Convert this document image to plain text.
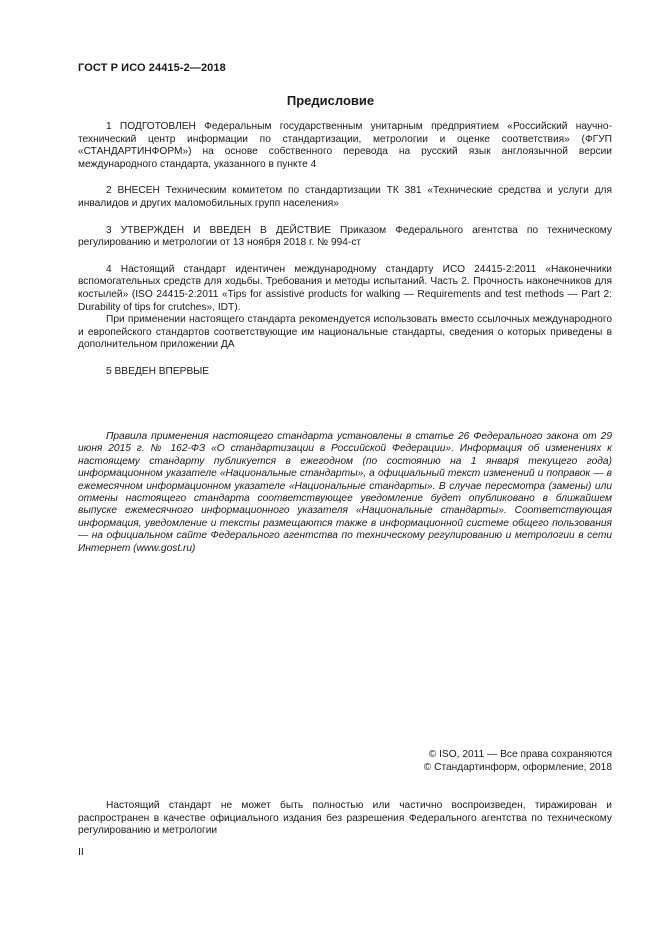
ГОСТ Р ИСО 24415-2—2018
Предисловие

1 ПОДГОТОВЛЕН Федеральным государственным унитарным предприятием «Российский научно-технический центр информации по стандартизации, метрологии и оценке соответствия» (ФГУП «СТАНДАРТИНФОРМ») на основе собственного перевода на русский язык англоязычной версии международного стандарта, указанного в пункте 4

2 ВНЕСЕН Техническим комитетом по стандартизации ТК 381 «Технические средства и услуги для инвалидов и других маломобильных групп населения»

3 УТВЕРЖДЕН И ВВЕДЕН В ДЕЙСТВИЕ Приказом Федерального агентства по техническому регулированию и метрологии от 13 ноября 2018 г. № 994-ст

4 Настоящий стандарт идентичен международному стандарту ИСО 24415-2:2011 «Наконечники вспомогательных средств для ходьбы. Требования и методы испытаний. Часть 2. Прочность наконечников для костылей» (ISO 24415-2:2011 «Tips for assistive products for walking — Requirements and test methods — Part 2: Durability of tips for crutches», IDT).

При применении настоящего стандарта рекомендуется использовать вместо ссылочных международного и европейского стандартов соответствующие им национальные стандарты, сведения о которых приведены в дополнительном приложении ДА

5 ВВЕДЕН ВПЕРВЫЕ

Правила применения настоящего стандарта установлены в статье 26 Федерального закона от 29 июня 2015 г. № 162-ФЗ «О стандартизации в Российской Федерации». Информация об изменениях к настоящему стандарту публикуется в ежегодном (по состоянию на 1 января текущего года) информационном указателе «Национальные стандарты», а официальный текст изменений и поправок — в ежемесячном информационном указателе «Национальные стандарты». В случае пересмотра (замены) или отмены настоящего стандарта соответствующее уведомление будет опубликовано в ближайшем выпуске ежемесячного информационного указателя «Национальные стандарты». Соответствующая информация, уведомление и тексты размещаются также в информационной системе общего пользования — на официальном сайте Федерального агентства по техническому регулированию и метрологии в сети Интернет (www.gost.ru)

© ISO, 2011 — Все права сохраняются
© Стандартинформ, оформление, 2018

Настоящий стандарт не может быть полностью или частично воспроизведен, тиражирован и распространен в качестве официального издания без разрешения Федерального агентства по техническому регулированию и метрологии

II
